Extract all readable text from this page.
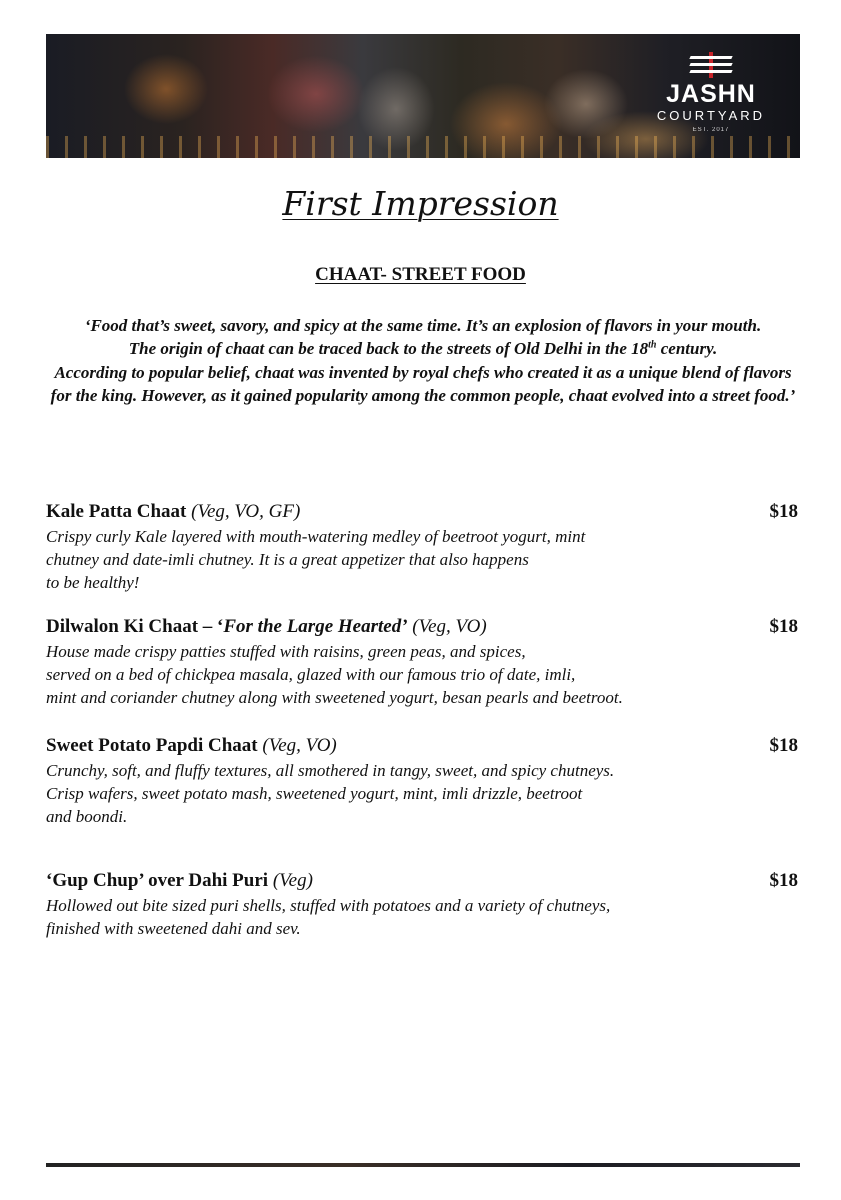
JASHN
COURTYARD
EST. 2017
First Impression
CHAAT- STREET FOOD

‘Food that’s sweet, savory, and spicy at the same time. It’s an explosion of flavors in your mouth.

The origin of chaat can be traced back to the streets of Old Delhi in the 18th century.

According to popular belief, chaat was invented by royal chefs who created it as a unique blend of flavors for the king. However, as it gained popularity among the common people, chaat evolved into a street food.’

Kale Patta Chaat (Veg, VO, GF)	$18
Crispy curly Kale layered with mouth-watering medley of beetroot yogurt, mint
chutney and date-imli chutney. It is a great appetizer that also happens
to be healthy!
Dilwalon Ki Chaat – ‘For the Large Hearted’ (Veg, VO)	$18
House made crispy patties stuffed with raisins, green peas, and spices,
served on a bed of chickpea masala, glazed with our famous trio of date, imli,
mint and coriander chutney along with sweetened yogurt, besan pearls and beetroot.
Sweet Potato Papdi Chaat (Veg, VO)	$18
Crunchy, soft, and fluffy textures, all smothered in tangy, sweet, and spicy chutneys.
Crisp wafers, sweet potato mash, sweetened yogurt, mint, imli drizzle, beetroot
and boondi.
‘Gup Chup’ over Dahi Puri (Veg)	$18
Hollowed out bite sized puri shells, stuffed with potatoes and a variety of chutneys,
finished with sweetened dahi and sev.
